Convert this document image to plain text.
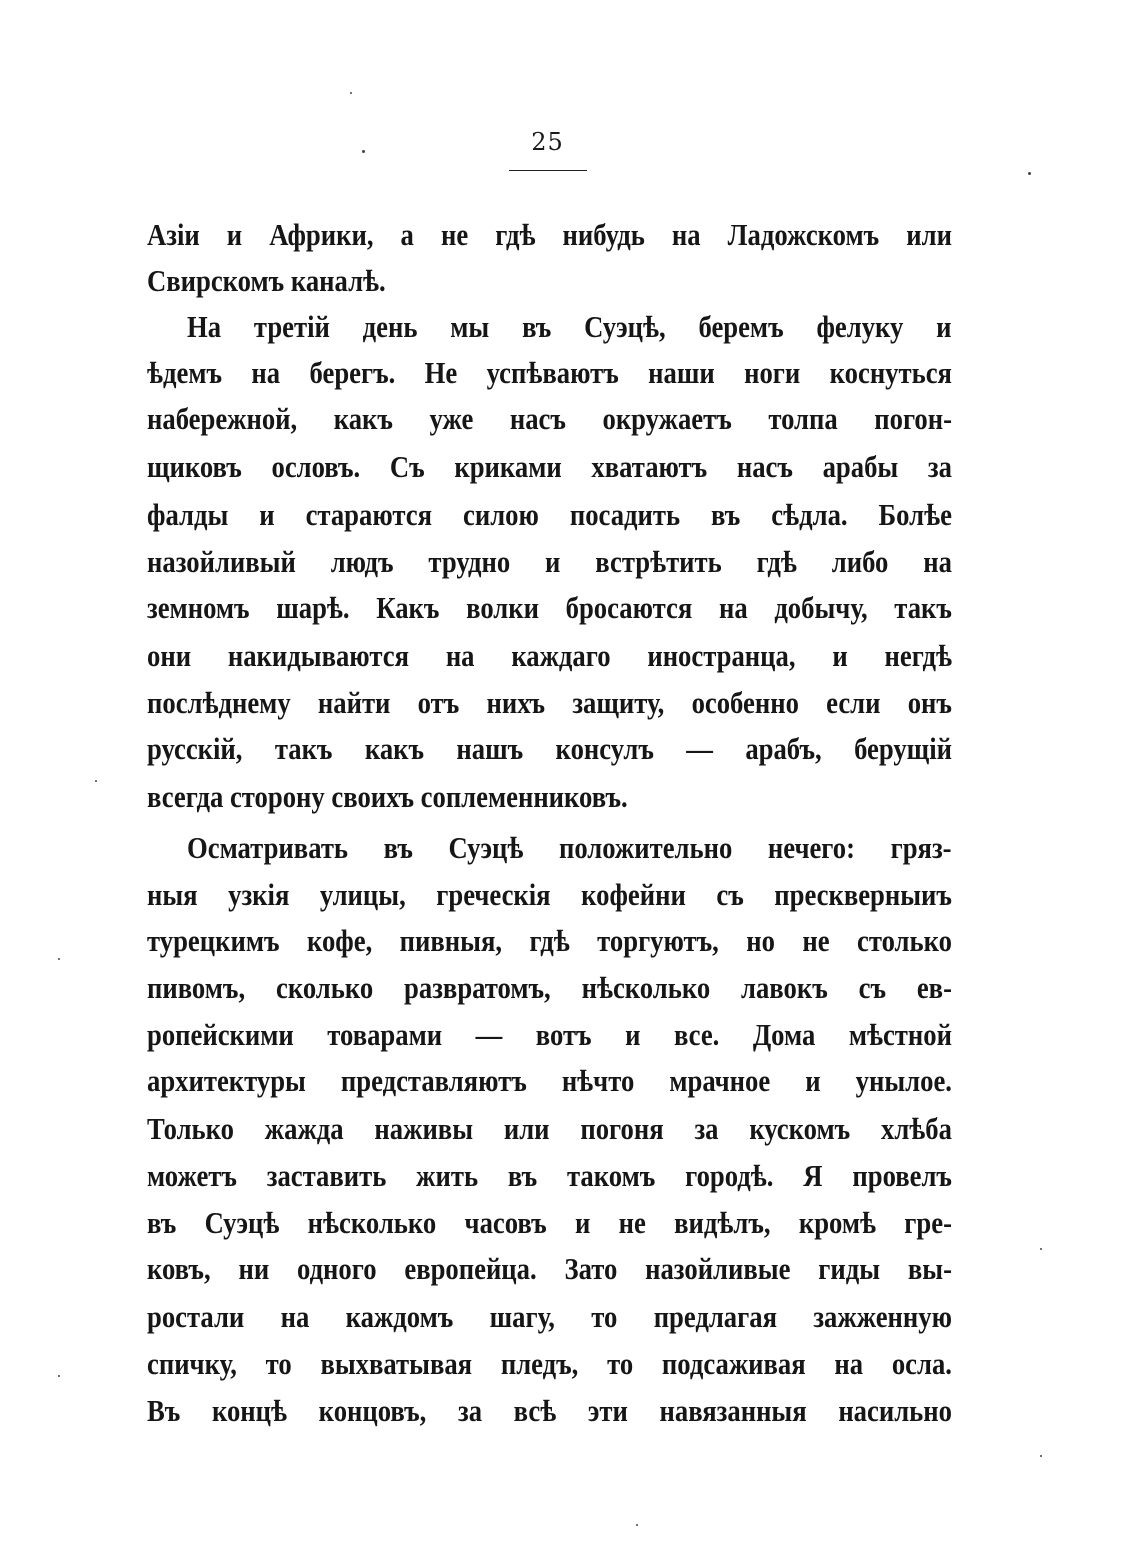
25
Азіи и Африки, а не гдѣ нибудь на Ладожскомъ или
Свирскомъ каналѣ.
На третій день мы въ Суэцѣ, беремъ фелуку и
ѣдемъ на берегъ. Не успѣваютъ наши ноги коснуться
набережной, какъ уже насъ окружаетъ толпа погон-
щиковъ ословъ. Съ криками хватаютъ насъ арабы за
фалды и стараются силою посадить въ сѣдла. Болѣе
назойливый людъ трудно и встрѣтить гдѣ либо на
земномъ шарѣ. Какъ волки бросаются на добычу, такъ
они накидываются на каждаго иностранца, и негдѣ
послѣднему найти отъ нихъ защиту, особенно если онъ
русскій, такъ какъ нашъ консулъ — арабъ, берущій
всегда сторону своихъ соплеменниковъ.
Осматривать въ Суэцѣ положительно нечего: гряз-
ныя узкія улицы, греческія кофейни съ прескверныиъ
турецкимъ кофе, пивныя, гдѣ торгуютъ, но не столько
пивомъ, сколько развратомъ, нѣсколько лавокъ съ ев-
ропейскими товарами — вотъ и все. Дома мѣстной
архитектуры представляютъ нѣчто мрачное и унылое.
Только жажда наживы или погоня за кускомъ хлѣба
можетъ заставить жить въ такомъ городѣ. Я провелъ
въ Суэцѣ нѣсколько часовъ и не видѣлъ, кромѣ гре-
ковъ, ни одного европейца. Зато назойливые гиды вы-
ростали на каждомъ шагу, то предлагая зажженную
спичку, то выхватывая пледъ, то подсаживая на осла.
Въ концѣ концовъ, за всѣ эти навязанныя насильно
